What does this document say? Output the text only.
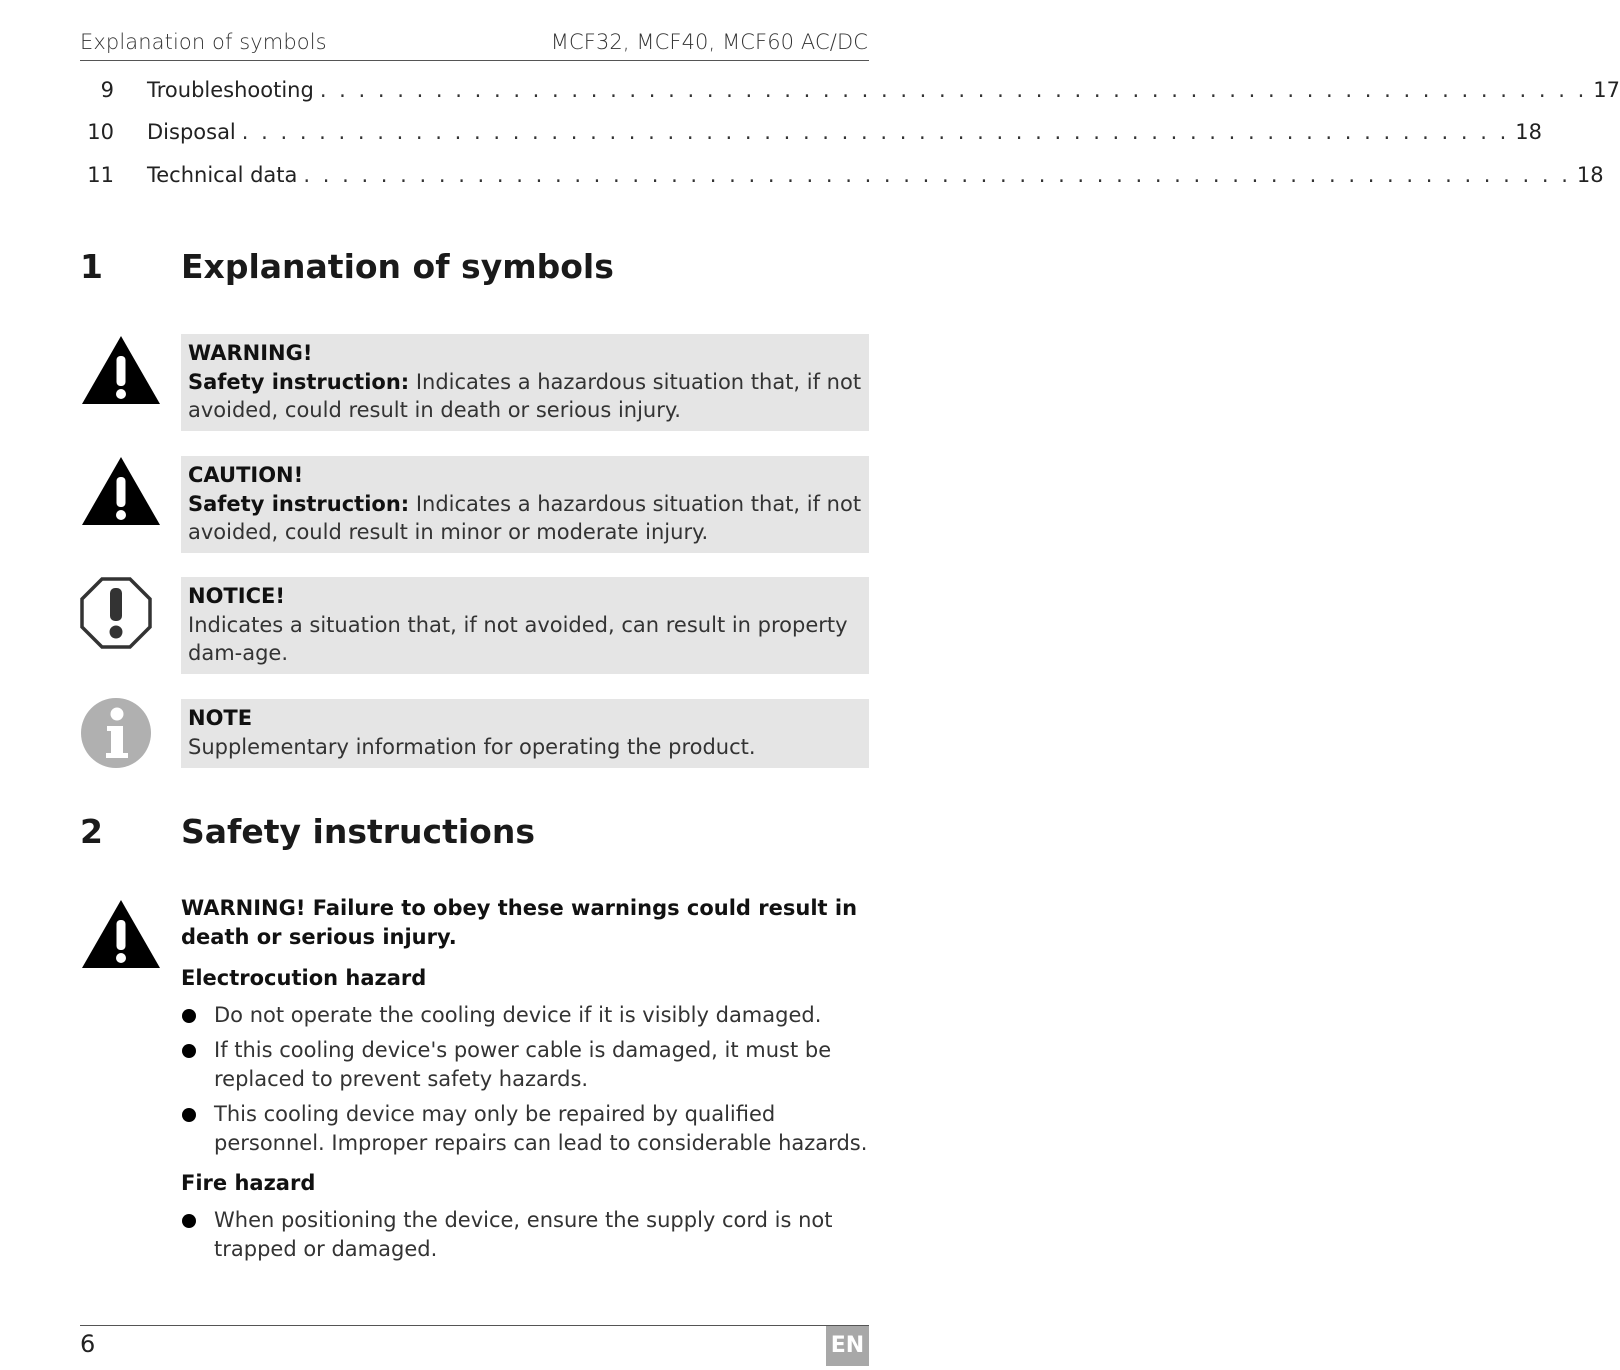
Explanation of symbols	MCF32, MCF40, MCF60 AC/DC
9 Troubleshooting . . . . . . . . . . . . . . . . . . . . . . . . . . . . . . . . . . . . . . . . . . . . . . . . . . . . . . . . . . . . . . . . . . 17
10 Disposal . . . . . . . . . . . . . . . . . . . . . . . . . . . . . . . . . . . . . . . . . . . . . . . . . . . . . . . . . . . . . . . . . . 18
11 Technical data . . . . . . . . . . . . . . . . . . . . . . . . . . . . . . . . . . . . . . . . . . . . . . . . . . . . . . . . . . . . . . . . . . 18
1 Explanation of symbols
WARNING!
Safety instruction: Indicates a hazardous situation that, if not avoided, could result in death or serious injury.
CAUTION!
Safety instruction: Indicates a hazardous situation that, if not avoided, could result in minor or moderate injury.
NOTICE!
Indicates a situation that, if not avoided, can result in property dam-age.
NOTE
Supplementary information for operating the product.
2 Safety instructions
WARNING! Failure to obey these warnings could result in death or serious injury.
Electrocution hazard
Do not operate the cooling device if it is visibly damaged.
If this cooling device's power cable is damaged, it must be replaced to prevent safety hazards.
This cooling device may only be repaired by qualified personnel. Improper repairs can lead to considerable hazards.
Fire hazard
When positioning the device, ensure the supply cord is not trapped or damaged.
6	EN
